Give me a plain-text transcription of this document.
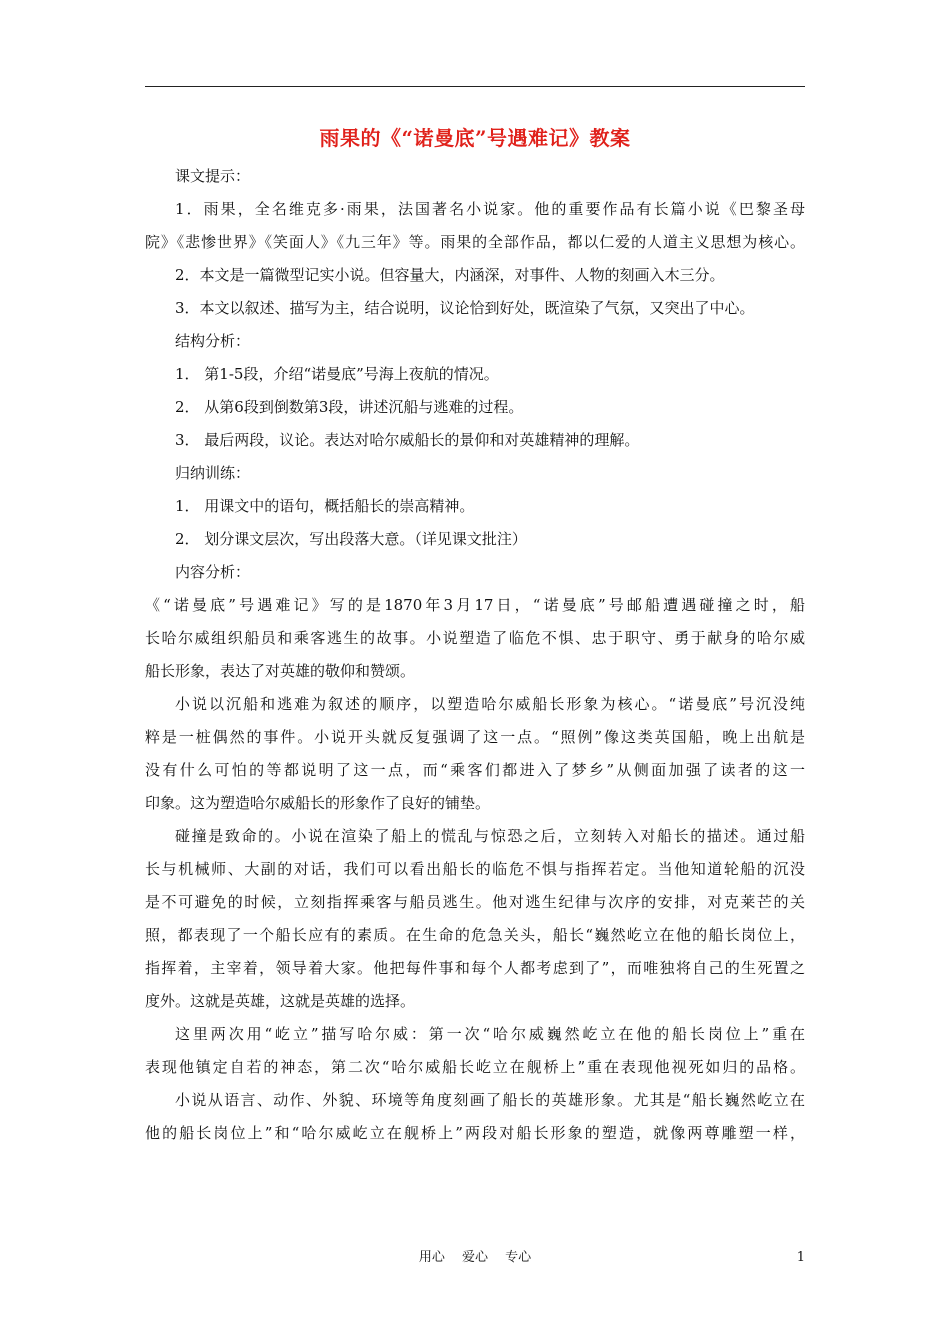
雨果的《“诺曼底”号遇难记》教案
课文提示：
1．雨果，全名维克多·雨果，法国著名小说家。他的重要作品有长篇小说《巴黎圣母
院》《悲惨世界》《笑面人》《九三年》等。雨果的全部作品，都以仁爱的人道主义思想为核心。
2．本文是一篇微型记实小说。但容量大，内涵深，对事件、人物的刻画入木三分。
3．本文以叙述、描写为主，结合说明，议论恰到好处，既渲染了气氛，又突出了中心。
结构分析：
1． 第1-5段，介绍“诺曼底”号海上夜航的情况。
2． 从第6段到倒数第3段，讲述沉船与逃难的过程。
3． 最后两段，议论。表达对哈尔威船长的景仰和对英雄精神的理解。
归纳训练：
1． 用课文中的语句，概括船长的崇高精神。
2． 划分课文层次，写出段落大意。（详见课文批注）
内容分析：
《“诺曼底”号遇难记》写的是1870年3月17日，“诺曼底”号邮船遭遇碰撞之时，船
长哈尔威组织船员和乘客逃生的故事。小说塑造了临危不惧、忠于职守、勇于献身的哈尔威
船长形象，表达了对英雄的敬仰和赞颂。
小说以沉船和逃难为叙述的顺序，以塑造哈尔威船长形象为核心。“诺曼底”号沉没纯
粹是一桩偶然的事件。小说开头就反复强调了这一点。“照例”像这类英国船，晚上出航是
没有什么可怕的等都说明了这一点，而“乘客们都进入了梦乡”从侧面加强了读者的这一
印象。这为塑造哈尔威船长的形象作了良好的铺垫。
碰撞是致命的。小说在渲染了船上的慌乱与惊恐之后，立刻转入对船长的描述。通过船
长与机械师、大副的对话，我们可以看出船长的临危不惧与指挥若定。当他知道轮船的沉没
是不可避免的时候，立刻指挥乘客与船员逃生。他对逃生纪律与次序的安排，对克莱芒的关
照，都表现了一个船长应有的素质。在生命的危急关头，船长“巍然屹立在他的船长岗位上，
指挥着，主宰着，领导着大家。他把每件事和每个人都考虑到了”，而唯独将自己的生死置之
度外。这就是英雄，这就是英雄的选择。
这里两次用“屹立”描写哈尔威：第一次“哈尔威巍然屹立在他的船长岗位上”重在
表现他镇定自若的神态，第二次“哈尔威船长屹立在舰桥上”重在表现他视死如归的品格。
小说从语言、动作、外貌、环境等角度刻画了船长的英雄形象。尤其是“船长巍然屹立在
他的船长岗位上”和“哈尔威屹立在舰桥上”两段对船长形象的塑造，就像两尊雕塑一样，
用心　 爱心　 专心	1
